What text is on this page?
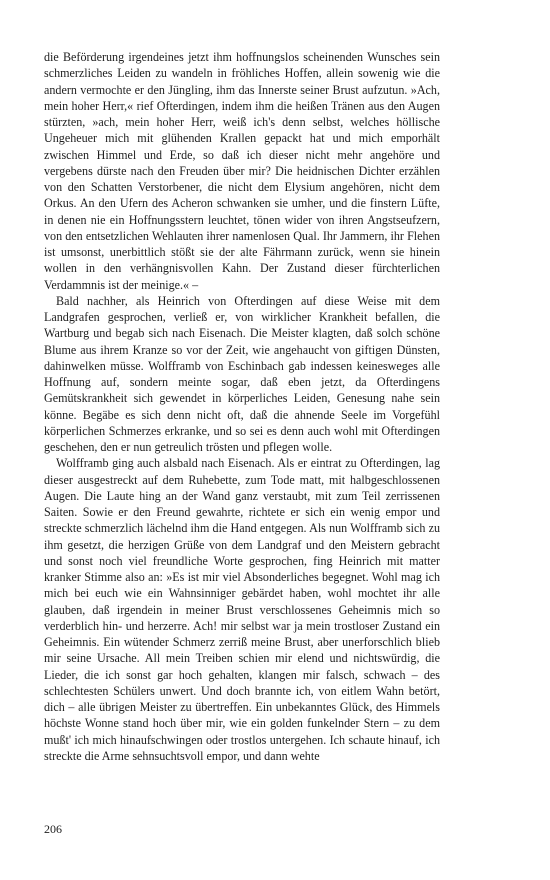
die Beförderung irgendeines jetzt ihm hoffnungslos scheinenden Wunsches sein schmerzliches Leiden zu wandeln in fröhliches Hoffen, allein sowenig wie die andern vermochte er den Jüngling, ihm das Innerste seiner Brust aufzutun. »Ach, mein hoher Herr,« rief Ofterdingen, indem ihm die heißen Tränen aus den Augen stürzten, »ach, mein hoher Herr, weiß ich's denn selbst, welches höllische Ungeheuer mich mit glühenden Krallen gepackt hat und mich emporhält zwischen Himmel und Erde, so daß ich dieser nicht mehr angehöre und vergebens dürste nach den Freuden über mir? Die heidnischen Dichter erzählen von den Schatten Verstorbener, die nicht dem Elysium angehören, nicht dem Orkus. An den Ufern des Acheron schwanken sie umher, und die finstern Lüfte, in denen nie ein Hoffnungsstern leuchtet, tönen wider von ihren Angstseufzern, von den entsetzlichen Wehlauten ihrer namenlosen Qual. Ihr Jammern, ihr Flehen ist umsonst, unerbittlich stößt sie der alte Fährmann zurück, wenn sie hinein wollen in den verhängnisvollen Kahn. Der Zustand dieser fürchterlichen Verdammnis ist der meinige.« –

Bald nachher, als Heinrich von Ofterdingen auf diese Weise mit dem Landgrafen gesprochen, verließ er, von wirklicher Krankheit befallen, die Wartburg und begab sich nach Eisenach. Die Meister klagten, daß solch schöne Blume aus ihrem Kranze so vor der Zeit, wie angehaucht von giftigen Dünsten, dahinwelken müsse. Wolfframb von Eschinbach gab indessen keinesweges alle Hoffnung auf, sondern meinte sogar, daß eben jetzt, da Ofterdingens Gemütskrankheit sich gewendet in körperliches Leiden, Genesung nahe sein könne. Begäbe es sich denn nicht oft, daß die ahnende Seele im Vorgefühl körperlichen Schmerzes erkranke, und so sei es denn auch wohl mit Ofterdingen geschehen, den er nun getreulich trösten und pflegen wolle.

Wolfframb ging auch alsbald nach Eisenach. Als er eintrat zu Ofterdingen, lag dieser ausgestreckt auf dem Ruhebette, zum Tode matt, mit halbgeschlossenen Augen. Die Laute hing an der Wand ganz verstaubt, mit zum Teil zerrissenen Saiten. Sowie er den Freund gewahrte, richtete er sich ein wenig empor und streckte schmerzlich lächelnd ihm die Hand entgegen. Als nun Wolfframb sich zu ihm gesetzt, die herzigen Grüße von dem Landgraf und den Meistern gebracht und sonst noch viel freundliche Worte gesprochen, fing Heinrich mit matter kranker Stimme also an: »Es ist mir viel Absonderliches begegnet. Wohl mag ich mich bei euch wie ein Wahnsinniger gebärdet haben, wohl mochtet ihr alle glauben, daß irgendein in meiner Brust verschlossenes Geheimnis mich so verderblich hin- und herzerre. Ach! mir selbst war ja mein trostloser Zustand ein Geheimnis. Ein wütender Schmerz zerriß meine Brust, aber unerforschlich blieb mir seine Ursache. All mein Treiben schien mir elend und nichtswürdig, die Lieder, die ich sonst gar hoch gehalten, klangen mir falsch, schwach – des schlechtesten Schülers unwert. Und doch brannte ich, von eitlem Wahn betört, dich – alle übrigen Meister zu übertreffen. Ein unbekanntes Glück, des Himmels höchste Wonne stand hoch über mir, wie ein golden funkelnder Stern – zu dem mußt' ich mich hinaufschwingen oder trostlos untergehen. Ich schaute hinauf, ich streckte die Arme sehnsuchtsvoll empor, und dann wehte

206
